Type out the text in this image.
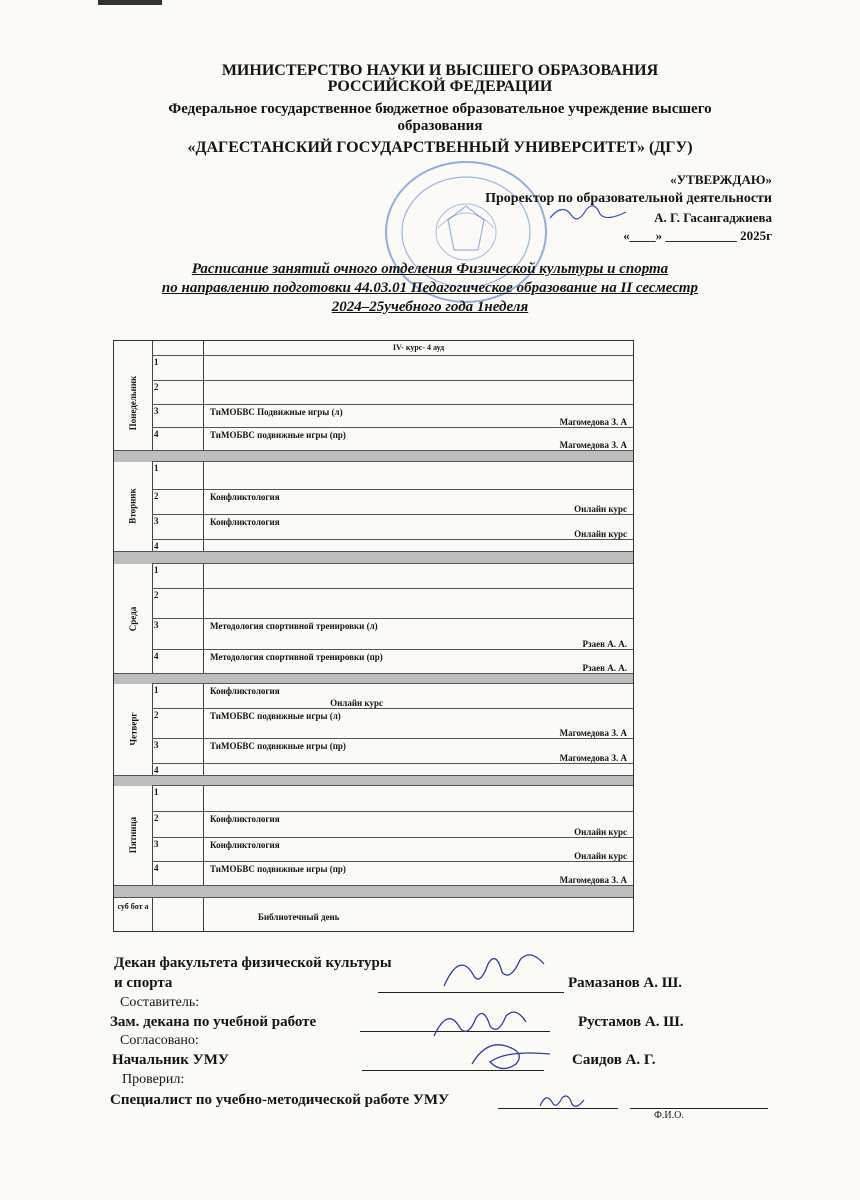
МИНИСТЕРСТВО НАУКИ И ВЫСШЕГО ОБРАЗОВАНИЯ
РОССИЙСКОЙ ФЕДЕРАЦИИ
Федеральное государственное бюджетное образовательное учреждение высшего
образования
«ДАГЕСТАНСКИЙ ГОСУДАРСТВЕННЫЙ УНИВЕРСИТЕТ» (ДГУ)
«УТВЕРЖДАЮ»
Проректор по образовательной деятельности
А. Г. Гасангаджиева
«____» ___________ 2025г
Расписание занятий очного отделения Физической культуры и спорта
по направлению подготовки 44.03.01 Педагогическое образование на II сесместр
2024–25учебного года 1неделя
IV- курс- 4 ауд
Понедельник
1
2
3	ТиМОБВС Подвижные игры (л)
Магомедова З. А
4	ТиМОБВС подвижные игры (пр)
Магомедова З. А
Вторник
1
2	Конфликтология
Онлайн курс
3	Конфликтология
Онлайн курс
4
Среда
1
2
3	Методология спортивной тренировки (л)
Рзаев А. А.
4	Методология спортивной тренировки (пр)
Рзаев А. А.
Четверг
1	Конфликтология
Онлайн курс
2	ТиМОБВС подвижные игры (л)
Магомедова З. А
3	ТиМОБВС подвижные игры (пр)
Магомедова З. А
4
Пятница
1
2	Конфликтология
Онлайн курс
3	Конфликтология
Онлайн курс
4	ТиМОБВС подвижные игры (пр)
Магомедова З. А
суб бот а
Библиотечный день
Декан факультета физической культуры
и спорта	Рамазанов А. Ш.
Составитель:
Зам. декана по учебной работе	Рустамов А. Ш.
Согласовано:
Начальник УМУ	Саидов А. Г.
Проверил:
Специалист по учебно-методической работе УМУ
Ф.И.О.
